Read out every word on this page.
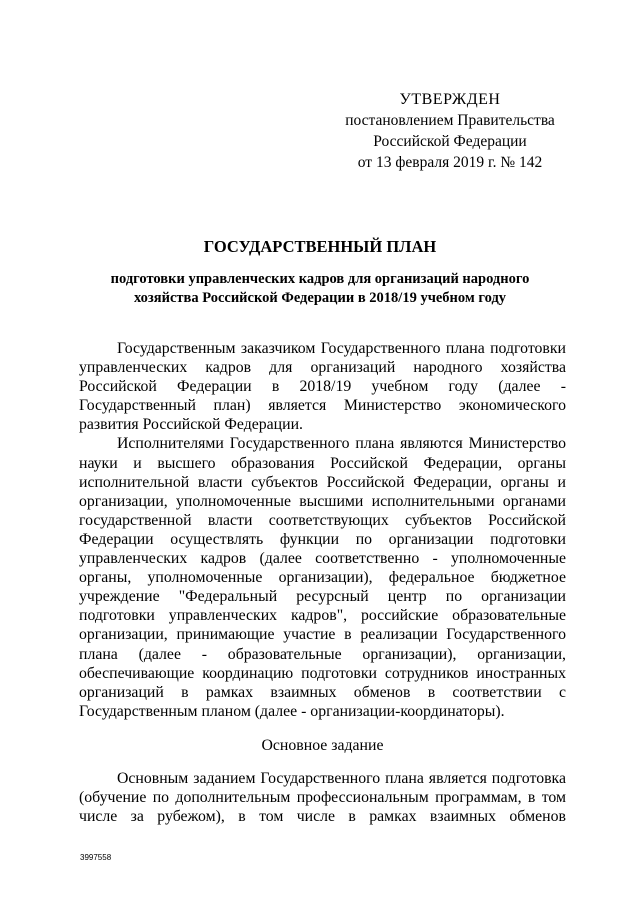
УТВЕРЖДЕН
постановлением Правительства
Российской Федерации
от 13 февраля 2019 г. № 142
ГОСУДАРСТВЕННЫЙ ПЛАН
подготовки управленческих кадров для организаций народного
хозяйства Российской Федерации в 2018/19 учебном году

Государственным заказчиком Государственного плана подготовки управленческих кадров для организаций народного хозяйства Российской Федерации в 2018/19 учебном году (далее - Государственный план) является Министерство экономического развития Российской Федерации.

Исполнителями Государственного плана являются Министерство науки и высшего образования Российской Федерации, органы исполнительной власти субъектов Российской Федерации, органы и организации, уполномоченные высшими исполнительными органами государственной власти соответствующих субъектов Российской Федерации осуществлять функции по организации подготовки управленческих кадров (далее соответственно - уполномоченные органы, уполномоченные организации), федеральное бюджетное учреждение "Федеральный ресурсный центр по организации подготовки управленческих кадров", российские образовательные организации, принимающие участие в реализации Государственного плана (далее - образовательные организации), организации, обеспечивающие координацию подготовки сотрудников иностранных организаций в рамках взаимных обменов в соответствии с Государственным планом (далее - организации-координаторы).

Основное задание

Основным заданием Государственного плана является подготовка (обучение по дополнительным профессиональным программам, в том числе за рубежом), в том числе в рамках взаимных обменов

3997558
